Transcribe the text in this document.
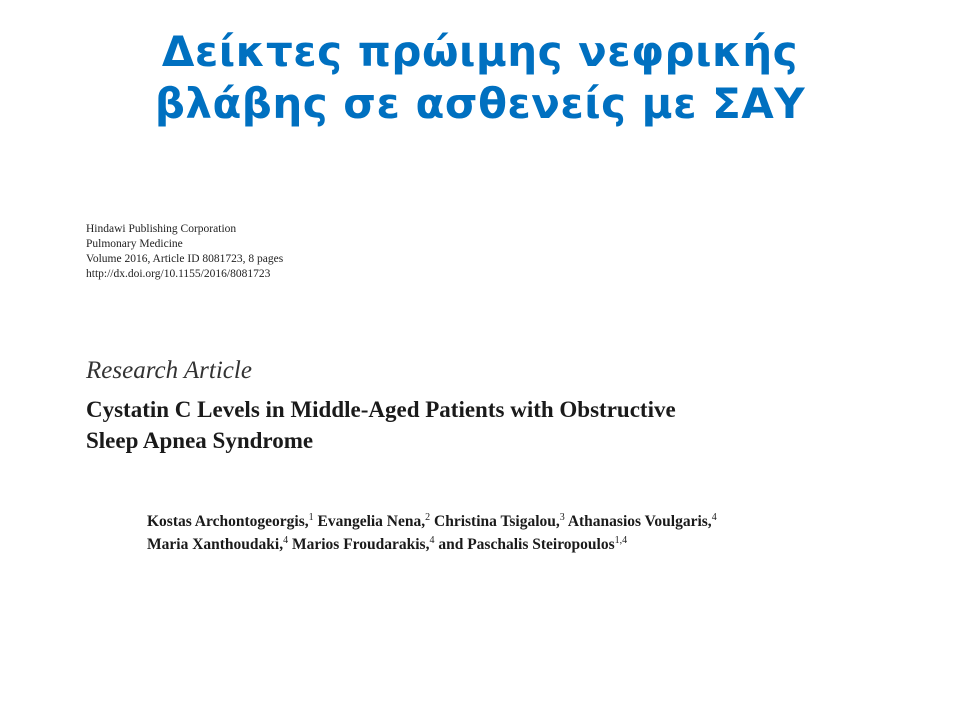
Δείκτες πρώιμης νεφρικής
βλάβης σε ασθενείς με ΣΑΥ
Hindawi Publishing Corporation
Pulmonary Medicine
Volume 2016, Article ID 8081723, 8 pages
http://dx.doi.org/10.1155/2016/8081723
Research Article
Cystatin C Levels in Middle-Aged Patients with Obstructive
Sleep Apnea Syndrome
Kostas Archontogeorgis,$^1$ Evangelia Nena,$^2$ Christina Tsigalou,$^3$ Athanasios Voulgaris,$^4$
Maria Xanthoudaki,$^4$ Marios Froudarakis,$^4$ and Paschalis Steiropoulos$^{1,4}$
